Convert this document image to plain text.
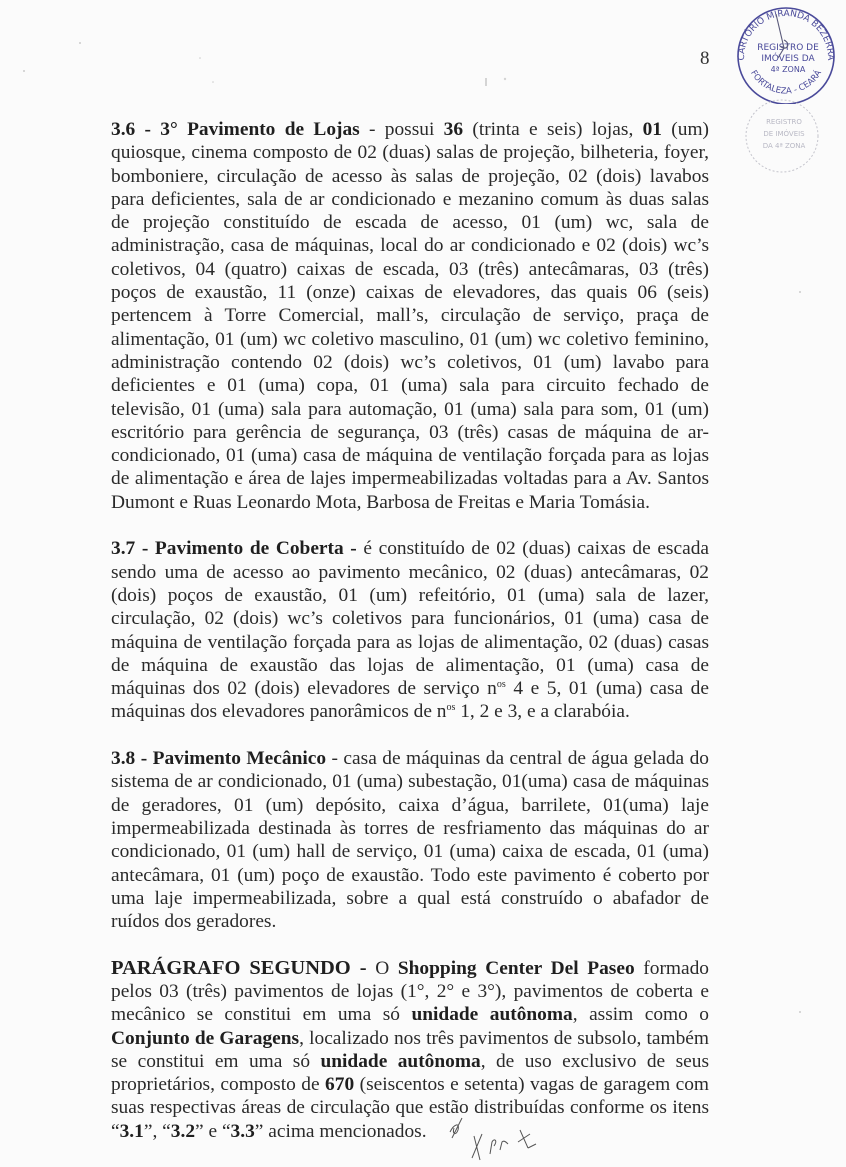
8	CARTÓRIO MIRANDA BEZERRA
FORTALEZA - CEARÁ
REGISTRO DE
IMÓVEIS DA
4ª ZONA
REGISTRO
DE IMÓVEIS
DA 4ª ZONA

3.6 - 3° Pavimento de Lojas - possui 36 (trinta e seis) lojas, 01 (um) quiosque, cinema composto de 02 (duas) salas de projeção, bilheteria, foyer, bomboniere, circulação de acesso às salas de projeção, 02 (dois) lavabos para deficientes, sala de ar condicionado e mezanino comum às duas salas de projeção constituído de escada de acesso, 01 (um) wc, sala de administração, casa de máquinas, local do ar condicionado e 02 (dois) wc’s coletivos, 04 (quatro) caixas de escada, 03 (três) antecâmaras, 03 (três) poços de exaustão, 11 (onze) caixas de elevadores, das quais 06 (seis) pertencem à Torre Comercial, mall’s, circulação de serviço, praça de alimentação, 01 (um) wc coletivo masculino, 01 (um) wc coletivo feminino, administração contendo 02 (dois) wc’s coletivos, 01 (um) lavabo para deficientes e 01 (uma) copa, 01 (uma) sala para circuito fechado de televisão, 01 (uma) sala para automação, 01 (uma) sala para som, 01 (um) escritório para gerência de segurança, 03 (três) casas de máquina de ar-condicionado, 01 (uma) casa de máquina de ventilação forçada para as lojas de alimentação e área de lajes impermeabilizadas voltadas para a Av. Santos Dumont e Ruas Leonardo Mota, Barbosa de Freitas e Maria Tomásia.

3.7 - Pavimento de Coberta - é constituído de 02 (duas) caixas de escada sendo uma de acesso ao pavimento mecânico, 02 (duas) antecâmaras, 02 (dois) poços de exaustão, 01 (um) refeitório, 01 (uma) sala de lazer, circulação, 02 (dois) wc’s coletivos para funcionários, 01 (uma) casa de máquina de ventilação forçada para as lojas de alimentação, 02 (duas) casas de máquina de exaustão das lojas de alimentação, 01 (uma) casa de máquinas dos 02 (dois) elevadores de serviço $n^{os}$ 4 e 5, 01 (uma) casa de máquinas dos elevadores panorâmicos de $n^{os}$ 1, 2 e 3, e a clarabóia.

3.8 - Pavimento Mecânico - casa de máquinas da central de água gelada do sistema de ar condicionado, 01 (uma) subestação, 01(uma) casa de máquinas de geradores, 01 (um) depósito, caixa d’água, barrilete, 01(uma) laje impermeabilizada destinada às torres de resfriamento das máquinas do ar condicionado, 01 (um) hall de serviço, 01 (uma) caixa de escada, 01 (uma) antecâmara, 01 (um) poço de exaustão. Todo este pavimento é coberto por uma laje impermeabilizada, sobre a qual está construído o abafador de ruídos dos geradores.

PARÁGRAFO SEGUNDO - O Shopping Center Del Paseo formado pelos 03 (três) pavimentos de lojas (1°, 2° e 3°), pavimentos de coberta e mecânico se constitui em uma só unidade autônoma, assim como o Conjunto de Garagens, localizado nos três pavimentos de subsolo, também se constitui em uma só unidade autônoma, de uso exclusivo de seus proprietários, composto de 670 (seiscentos e setenta) vagas de garagem com suas respectivas áreas de circulação que estão distribuídas conforme os itens “3.1”, “3.2” e “3.3” acima mencionados.
